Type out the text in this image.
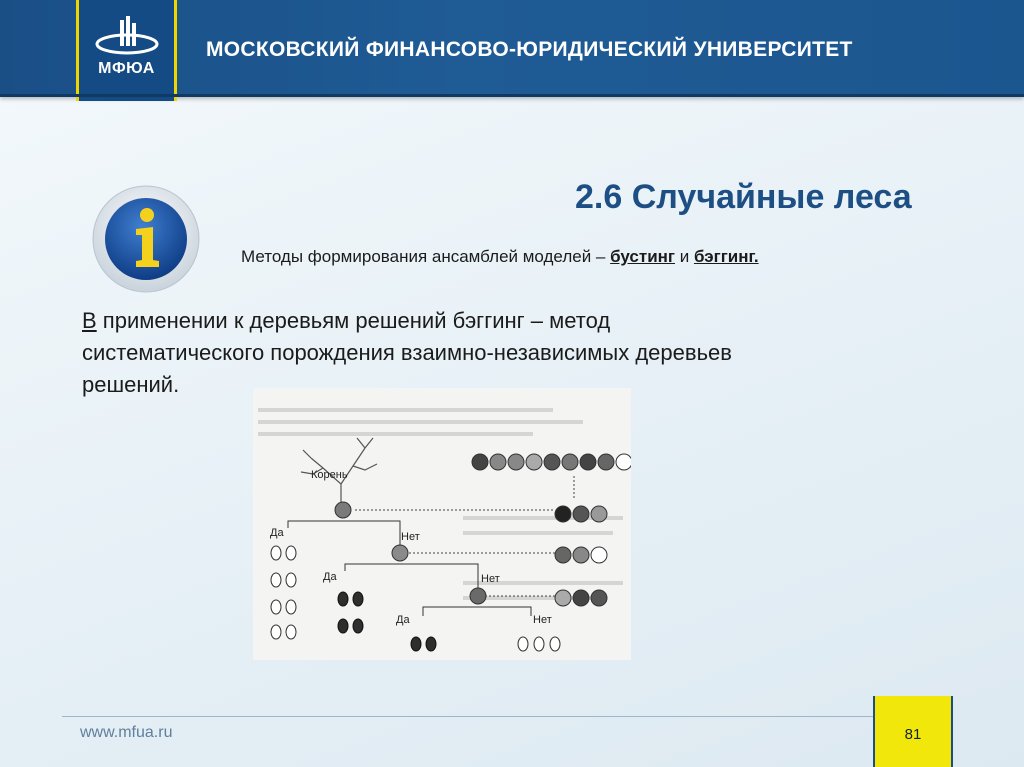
МФЮА
МОСКОВСКИЙ ФИНАНСОВО-ЮРИДИЧЕСКИЙ УНИВЕРСИТЕТ
2.6 Случайные леса
Методы формирования ансамблей моделей – бустинг и бэггинг.
В применении к деревьям решений бэггинг – метод систематического порождения взаимно-независимых деревьев решений.
Корень
Да	Нет
Да	Нет
Да	Нет
www.mfua.ru	81
